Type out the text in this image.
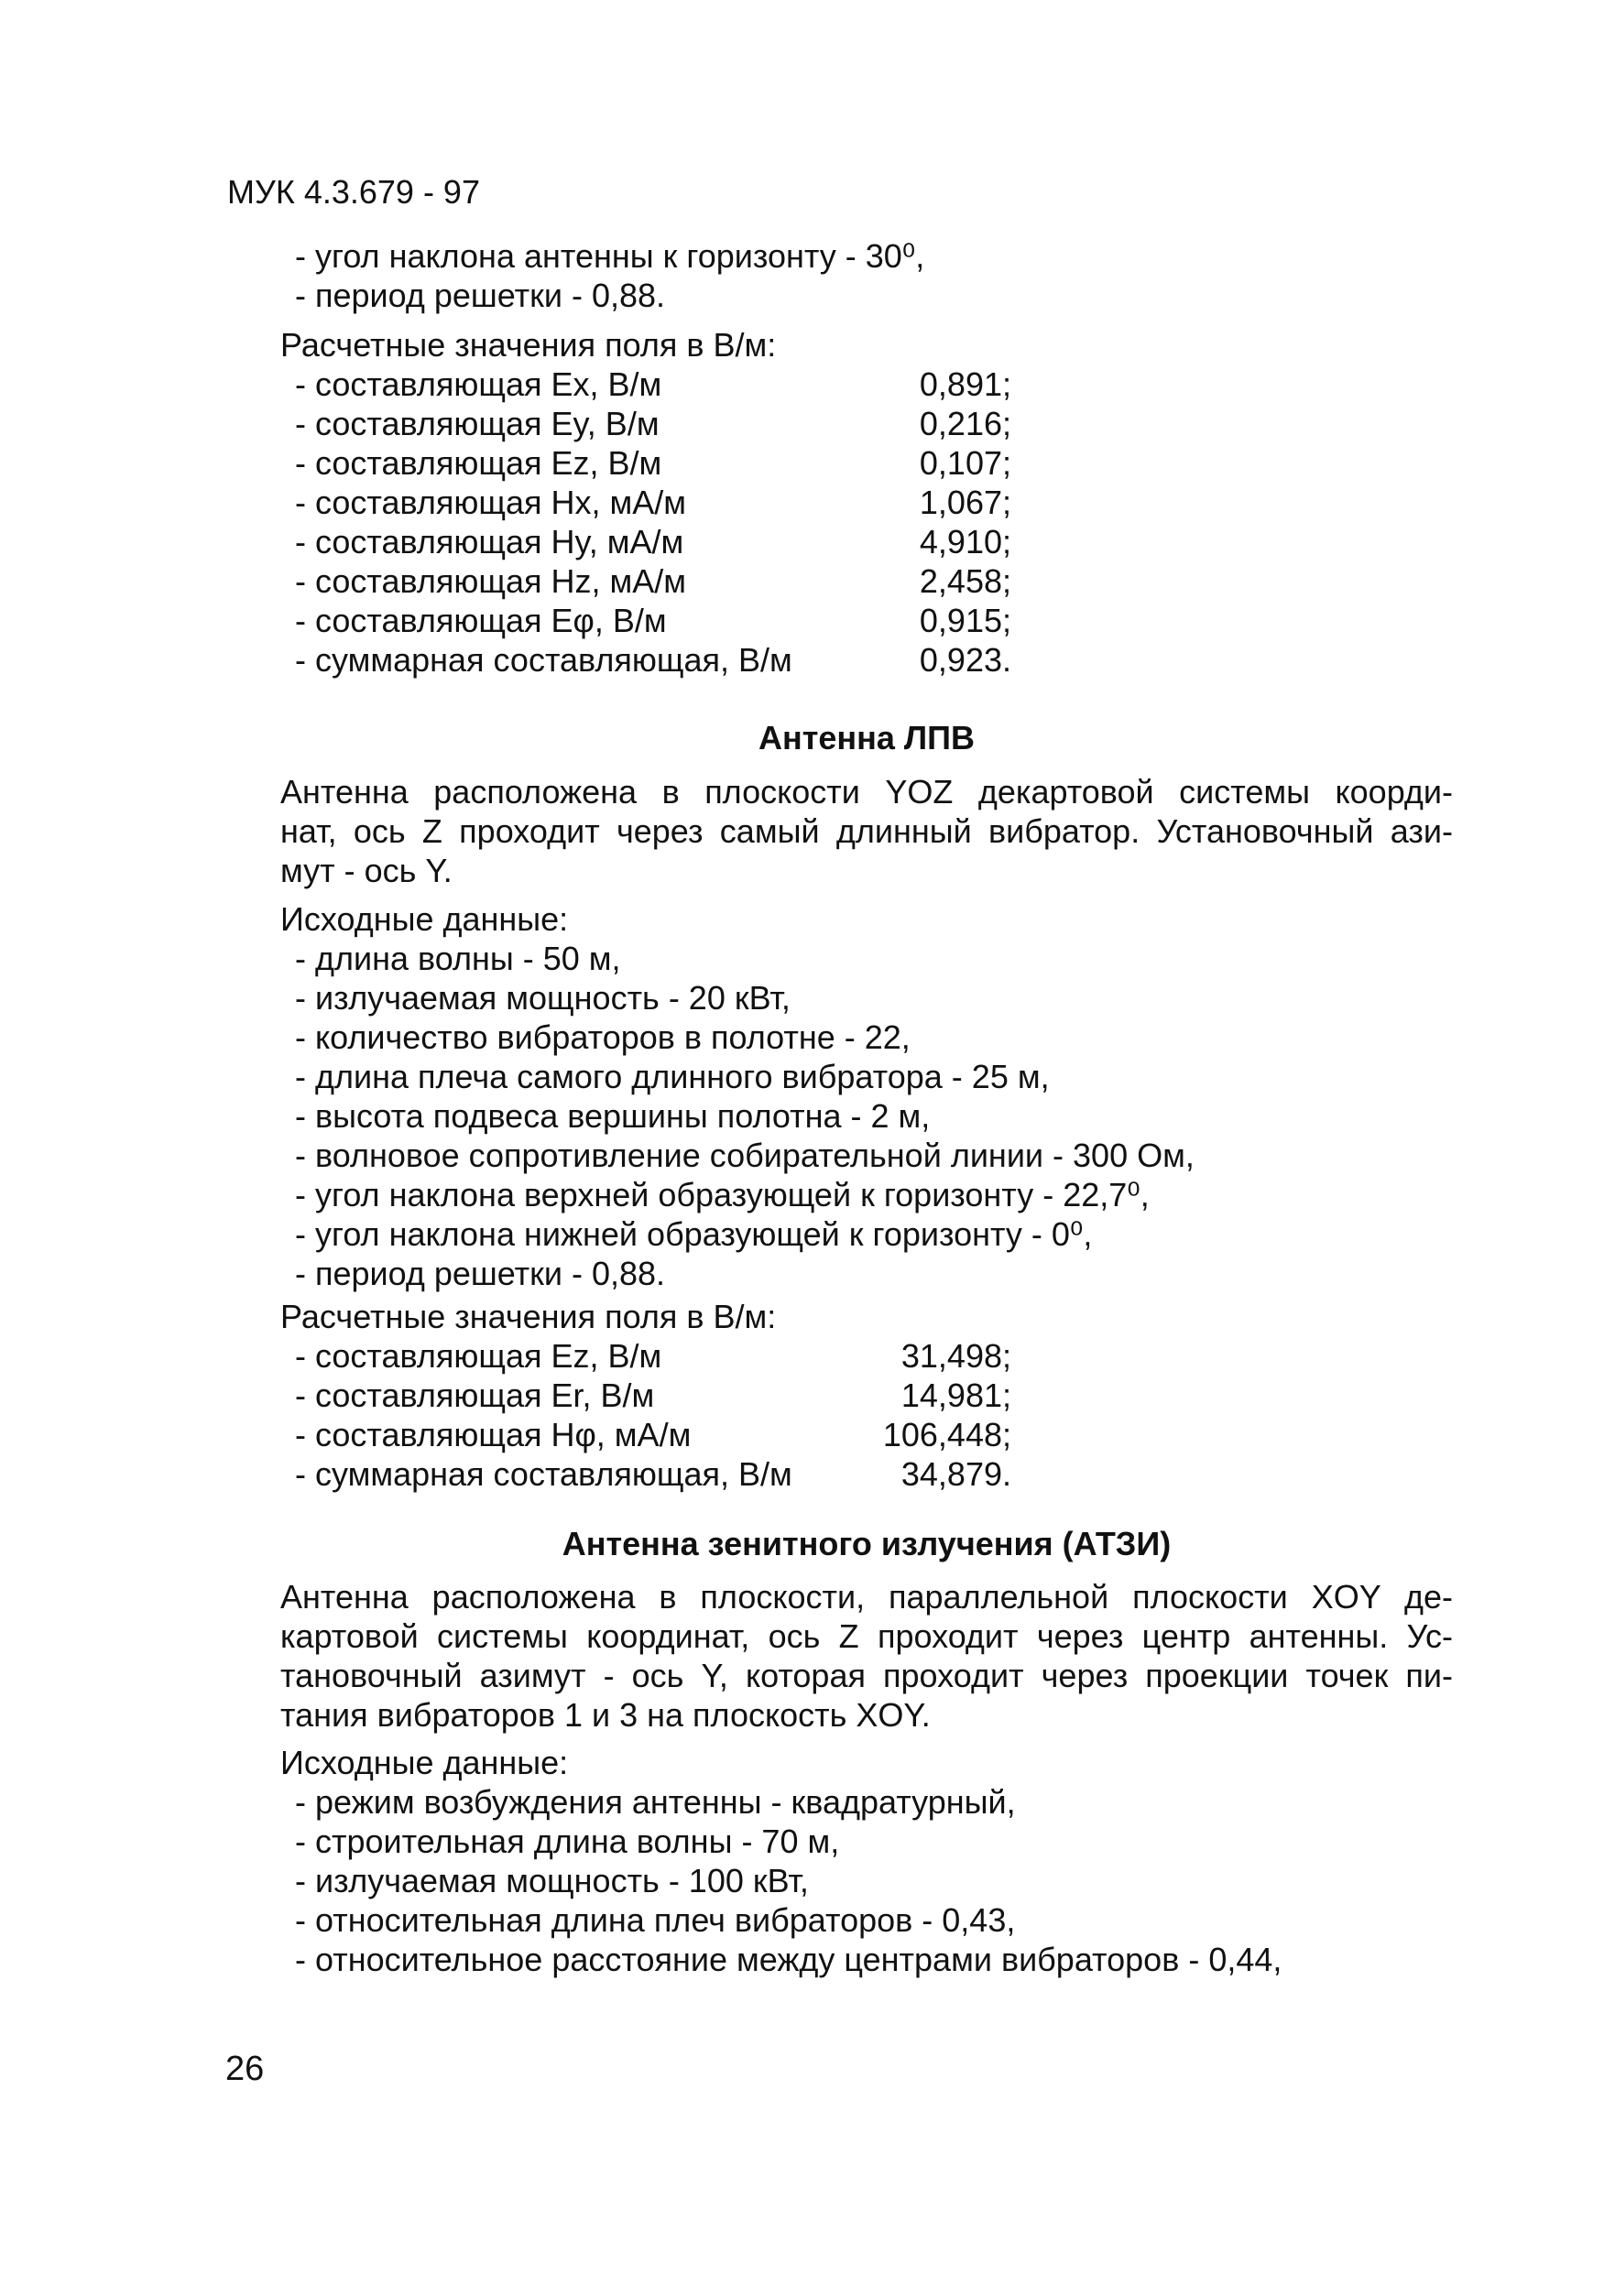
МУК 4.3.679 - 97
- угол наклона антенны к горизонту - 30⁰,
- период решетки - 0,88.
Расчетные значения поля в В/м:
- составляющая Ex, В/м	0,891;
- составляющая Ey, В/м	0,216;
- составляющая Ez, В/м	0,107;
- составляющая Hx, мА/м	1,067;
- составляющая Hy, мА/м	4,910;
- составляющая Hz, мА/м	2,458;
- составляющая Eφ, В/м	0,915;
- суммарная составляющая, В/м	0,923.
Антенна ЛПВ
Антенна расположена в плоскости YOZ декартовой системы коорди-
нат, ось Z проходит через самый длинный вибратор. Установочный ази-
мут - ось Y.
Исходные данные:
- длина волны - 50 м,
- излучаемая мощность - 20 кВт,
- количество вибраторов в полотне - 22,
- длина плеча самого длинного вибратора - 25 м,
- высота подвеса вершины полотна - 2 м,
- волновое сопротивление собирательной линии - 300 Ом,
- угол наклона верхней образующей к горизонту - 22,7⁰,
- угол наклона нижней образующей к горизонту - 0⁰,
- период решетки - 0,88.
Расчетные значения поля в В/м:
- составляющая Ez, В/м	31,498;
- составляющая Er, В/м	14,981;
- составляющая Hφ, мА/м	106,448;
- суммарная составляющая, В/м	34,879.
Антенна зенитного излучения (АТЗИ)
Антенна расположена в плоскости, параллельной плоскости XOY де-
картовой системы координат, ось Z проходит через центр антенны. Ус-
тановочный азимут - ось Y, которая проходит через проекции точек пи-
тания вибраторов 1 и 3 на плоскость XOY.
Исходные данные:
- режим возбуждения антенны - квадратурный,
- строительная длина волны - 70 м,
- излучаемая мощность - 100 кВт,
- относительная длина плеч вибраторов - 0,43,
- относительное расстояние между центрами вибраторов - 0,44,
26
